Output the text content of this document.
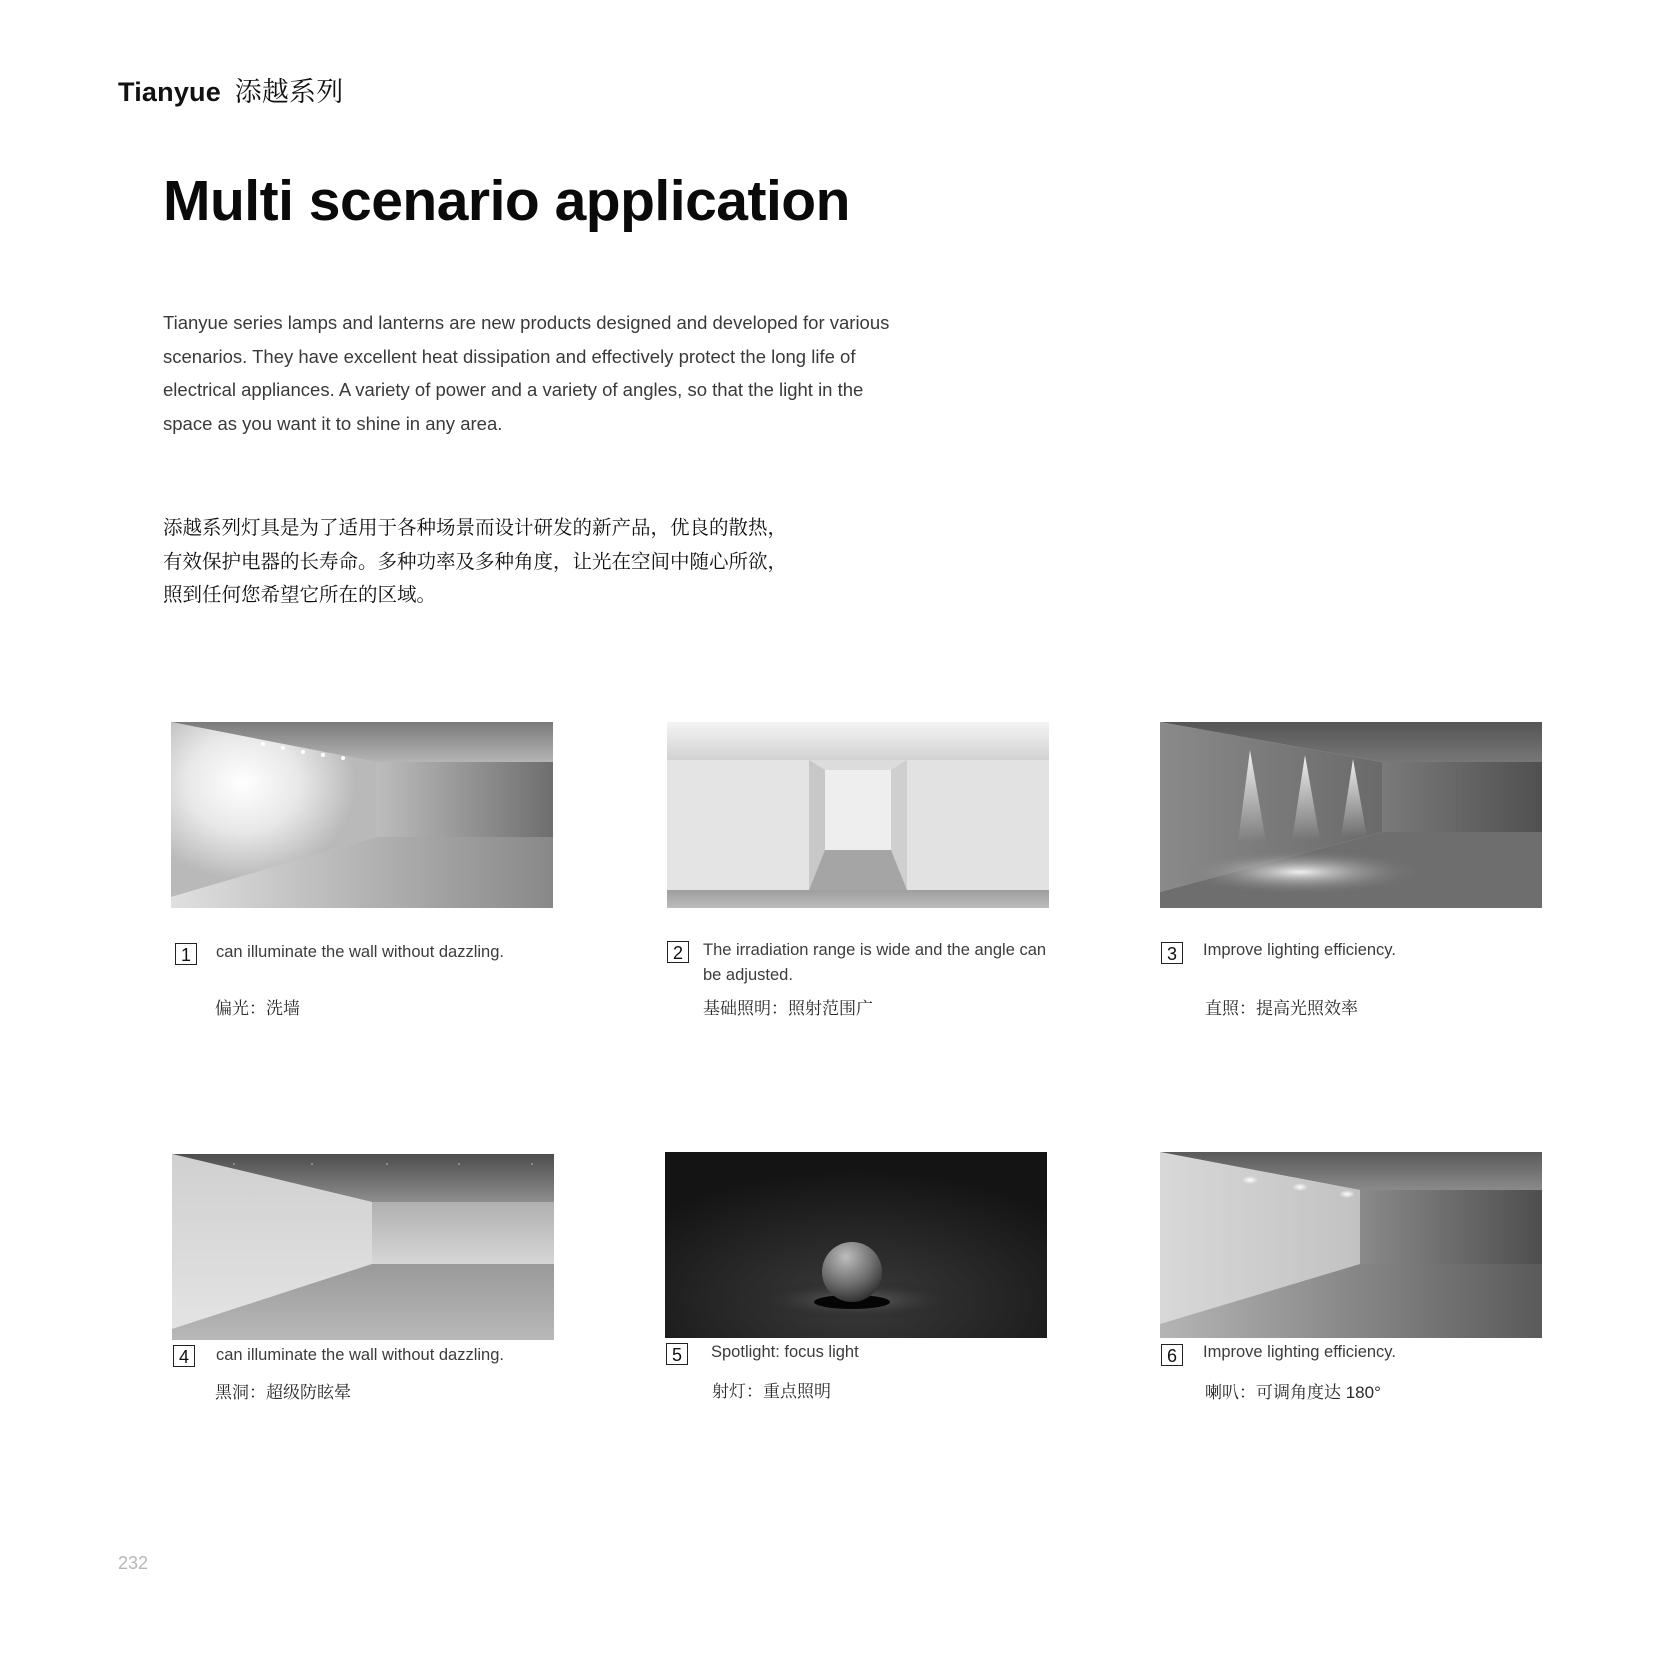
Tianyue 添越系列
Multi scenario application

Tianyue series lamps and lanterns are new products designed and developed for various

scenarios. They have excellent heat dissipation and effectively protect the long life of

electrical appliances. A variety of power and a variety of angles, so that the light in the

space as you want it to shine in any area.

添越系列灯具是为了适用于各种场景而设计研发的新产品，优良的散热，

有效保护电器的长寿命。多种功率及多种角度，让光在空间中随心所欲，

照到任何您希望它所在的区域。

1	can illuminate the wall without dazzling.
偏光：洗墙
2	The irradiation range is wide and the angle can be adjusted.
基础照明：照射范围广
3	Improve lighting efficiency.
直照：提高光照效率
4	can illuminate the wall without dazzling.
黑洞：超级防眩晕
5	Spotlight: focus light
射灯：重点照明
6	Improve lighting efficiency.
喇叭：可调角度达 180°
232
